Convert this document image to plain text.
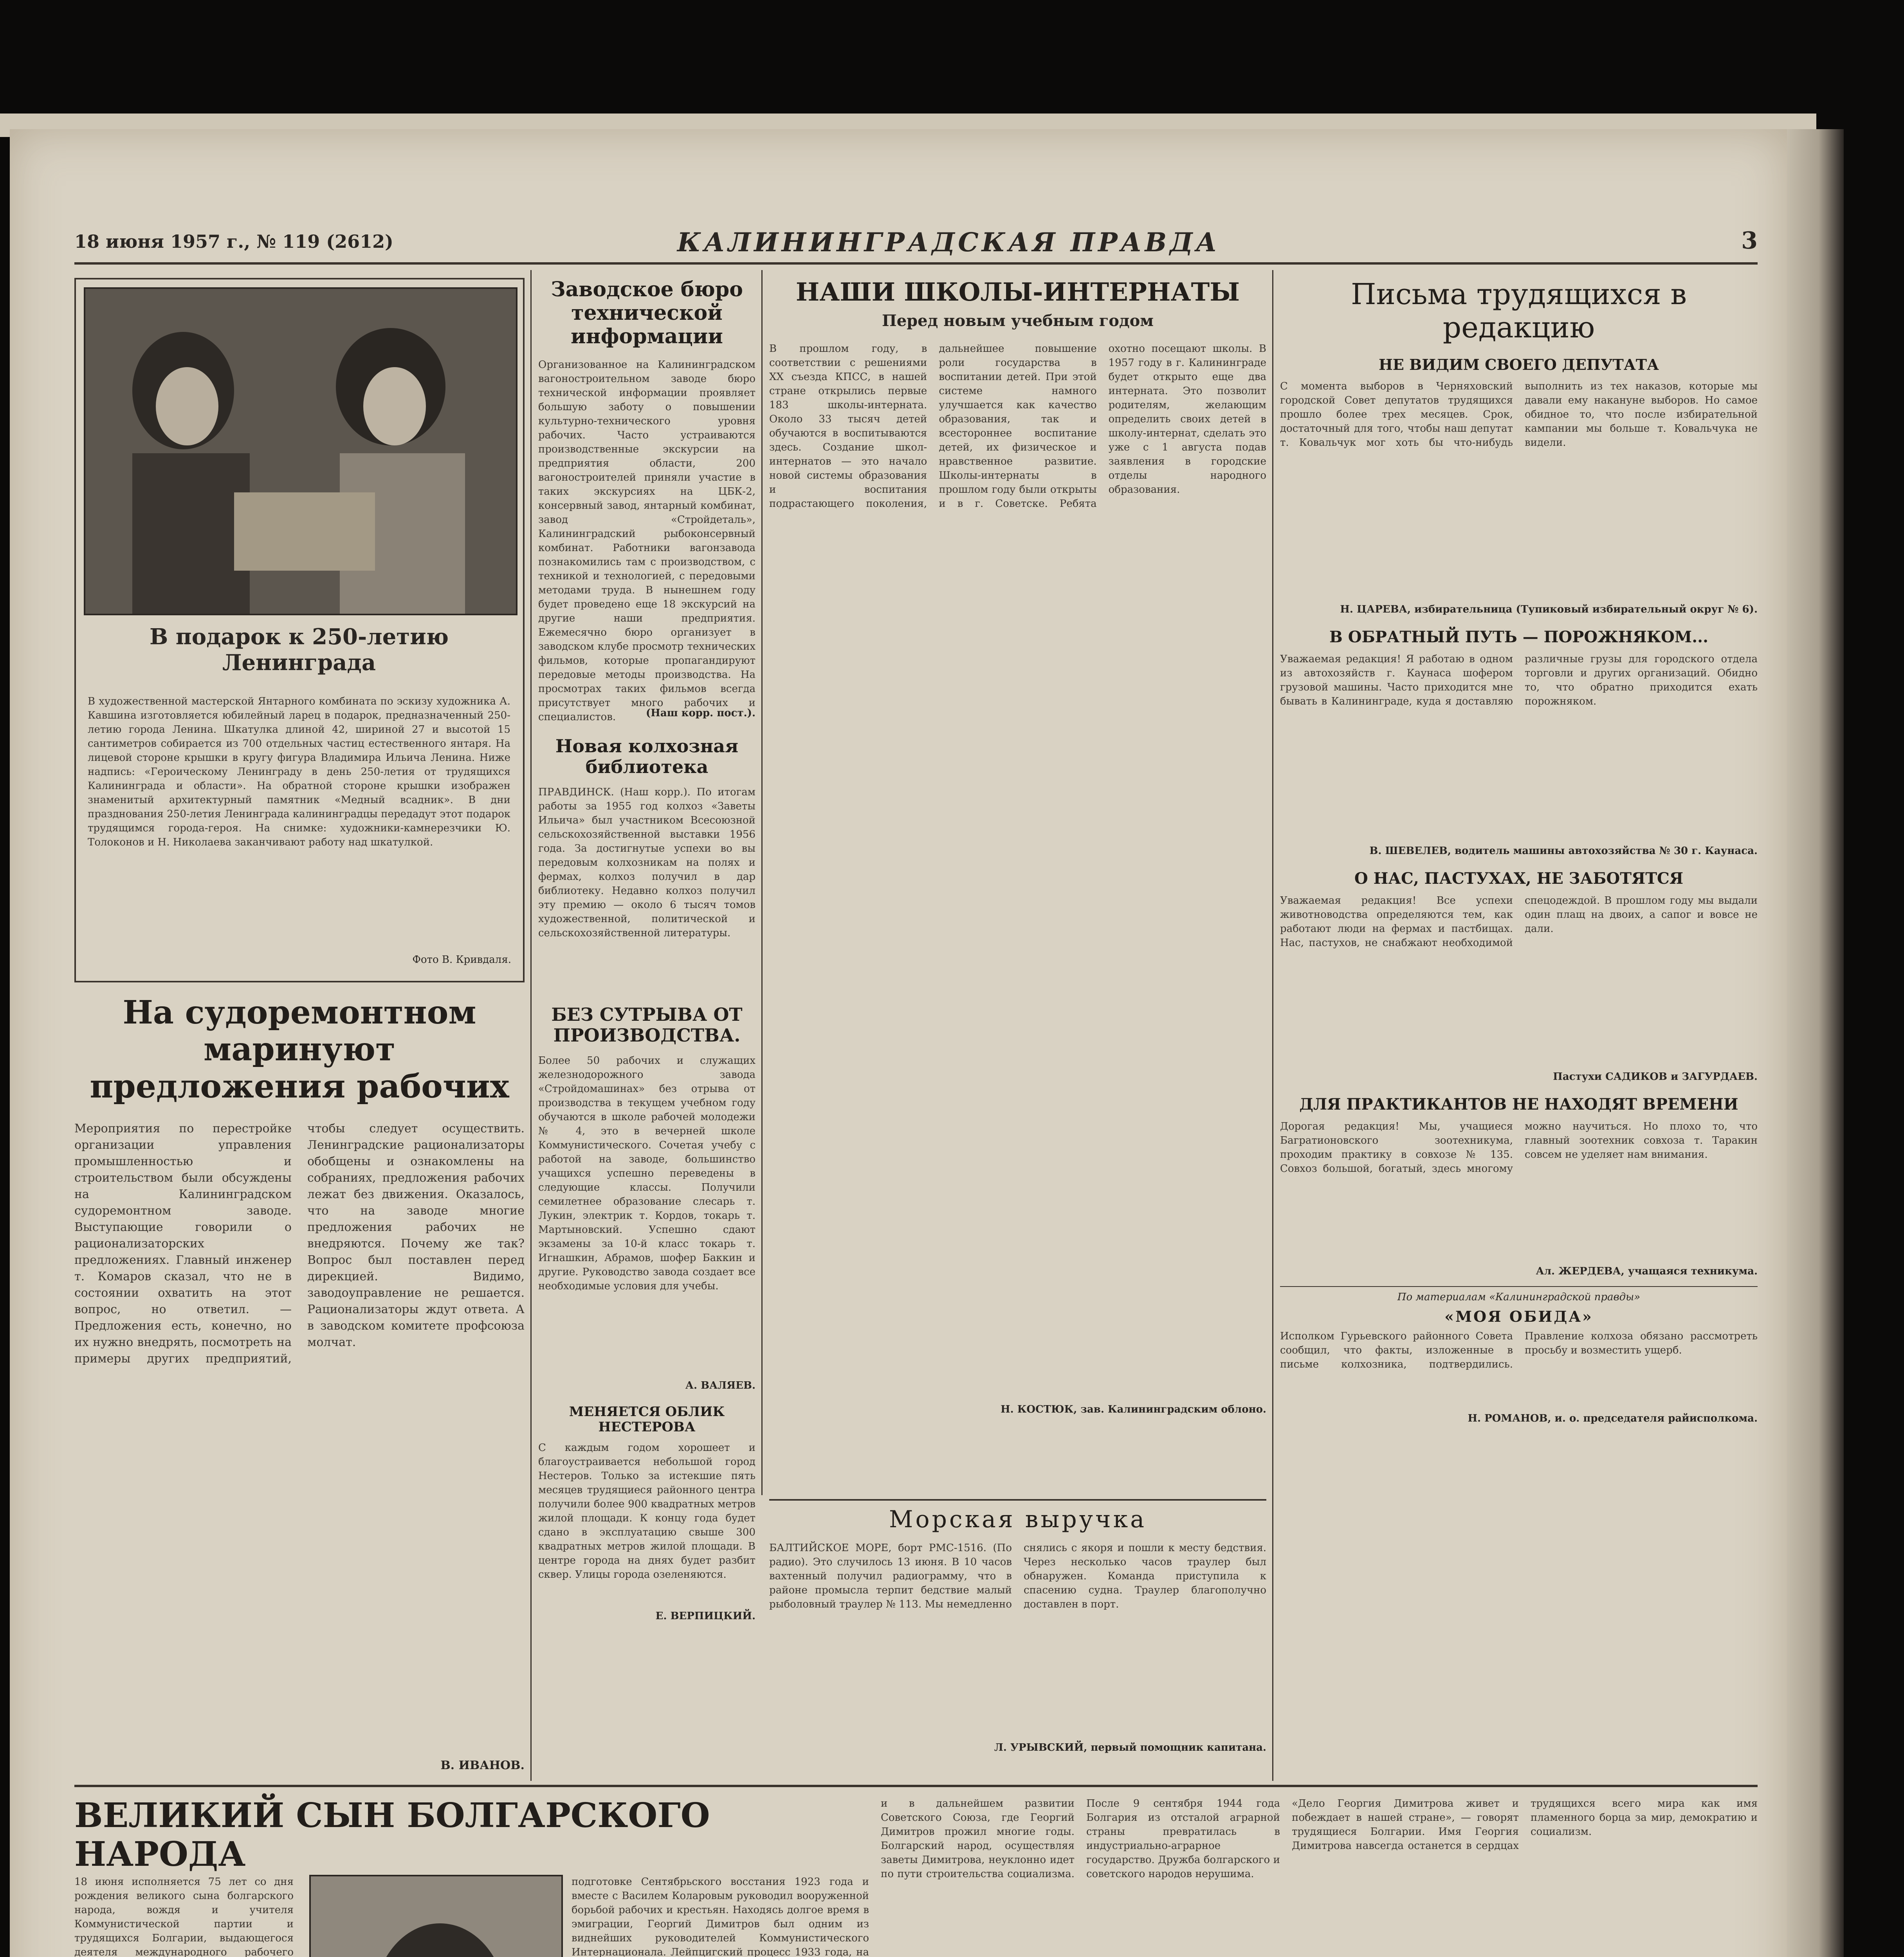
18 июня 1957 г., № 119 (2612)	КАЛИНИНГРАДСКАЯ ПРАВДА	3
В подарок к 250-летию Ленинграда
В художественной мастерской Янтарного комбината по эскизу художника А. Кавшина изготовляется юбилейный ларец в подарок, предназначенный 250-летию города Ленина. Шкатулка длиной 42, шириной 27 и высотой 15 сантиметров собирается из 700 отдельных частиц естественного янтаря. На лицевой стороне крышки в кругу фигура Владимира Ильича Ленина. Ниже надпись: «Героическому Ленинграду в день 250-летия от трудящихся Калининграда и области». На обратной стороне крышки изображен знаменитый архитектурный памятник «Медный всадник». В дни празднования 250-летия Ленинграда калининградцы передадут этот подарок трудящимся города-героя. На снимке: художники-камнерезчики Ю. Толоконов и Н. Николаева заканчивают работу над шкатулкой.
Фото В. Кривдаля.
На судоремонтном маринуют предложения рабочих
Мероприятия по перестройке организации управления промышленностью и строительством были обсуждены на Калининградском судоремонтном заводе. Выступающие говорили о рационализаторских предложениях. Главный инженер т. Комаров сказал, что не в состоянии охватить на этот вопрос, но ответил. — Предложения есть, конечно, но их нужно внедрять, посмотреть на примеры других предприятий, чтобы следует осуществить. Ленинградские рационализаторы обобщены и ознакомлены на собраниях, предложения рабочих лежат без движения. Оказалось, что на заводе многие предложения рабочих не внедряются. Почему же так? Вопрос был поставлен перед дирекцией. Видимо, заводоуправление не решается. Рационализаторы ждут ответа. А в заводском комитете профсоюза молчат.
В. ИВАНОВ.
Заводское бюро технической информации
Организованное на Калининградском вагоностроительном заводе бюро технической информации проявляет большую заботу о повышении культурно-технического уровня рабочих. Часто устраиваются производственные экскурсии на предприятия области, 200 вагоностроителей приняли участие в таких экскурсиях на ЦБК-2, консервный завод, янтарный комбинат, завод «Стройдеталь», Калининградский рыбоконсервный комбинат. Работники вагонзавода познакомились там с производством, с техникой и технологией, с передовыми методами труда. В нынешнем году будет проведено еще 18 экскурсий на другие наши предприятия. Ежемесячно бюро организует в заводском клубе просмотр технических фильмов, которые пропагандируют передовые методы производства. На просмотрах таких фильмов всегда присутствует много рабочих и специалистов.	(Наш корр. пост.).
Новая колхозная библиотека
ПРАВДИНСК. (Наш корр.). По итогам работы за 1955 год колхоз «Заветы Ильича» был участником Всесоюзной сельскохозяйственной выставки 1956 года. За достигнутые успехи во вы передовым колхозникам на полях и фермах, колхоз получил в дар библиотеку. Недавно колхоз получил эту премию — около 6 тысяч томов художественной, политической и сельскохозяйственной литературы.
БЕЗ СУТРЫВА ОТ ПРОИЗВОДСТВА.
Более 50 рабочих и служащих железнодорожного завода «Стройдомашинах» без отрыва от производства в текущем учебном году обучаются в школе рабочей молодежи № 4, это в вечерней школе Коммунистического. Сочетая учебу с работой на заводе, большинство учащихся успешно переведены в следующие классы. Получили семилетнее образование слесарь т. Лукин, электрик т. Кордов, токарь т. Мартыновский. Успешно сдают экзамены за 10-й класс токарь т. Игнашкин, Абрамов, шофер Баккин и другие. Руководство завода создает все необходимые условия для учебы.
А. ВАЛЯЕВ.
МЕНЯЕТСЯ ОБЛИК НЕСТЕРОВА
С каждым годом хорошеет и благоустраивается небольшой город Нестеров. Только за истекшие пять месяцев трудящиеся районного центра получили более 900 квадратных метров жилой площади. К концу года будет сдано в эксплуатацию свыше 300 квадратных метров жилой площади. В центре города на днях будет разбит сквер. Улицы города озеленяются.
Е. ВЕРПИЦКИЙ.
НАШИ ШКОЛЫ-ИНТЕРНАТЫ
Перед новым учебным годом
В прошлом году, в соответствии с решениями XX съезда КПСС, в нашей стране открылись первые 183 школы-интерната. Около 33 тысяч детей обучаются в воспитываются здесь. Создание школ-интернатов — это начало новой системы образования и воспитания подрастающего поколения, дальнейшее повышение роли государства в воспитании детей. При этой системе намного улучшается как качество образования, так и всестороннее воспитание детей, их физическое и нравственное развитие. Школы-интернаты в прошлом году были открыты и в г. Советске. Ребята охотно посещают школы. В 1957 году в г. Калининграде будет открыто еще два интерната. Это позволит родителям, желающим определить своих детей в школу-интернат, сделать это уже с 1 августа подав заявления в городские отделы народного образования.
Н. КОСТЮК, зав. Калининградским облоно.
Морская выручка
БАЛТИЙСКОЕ МОРЕ, борт РМС-1516. (По радио). Это случилось 13 июня. В 10 часов вахтенный получил радиограмму, что в районе промысла терпит бедствие малый рыболовный траулер № 113. Мы немедленно снялись с якоря и пошли к месту бедствия. Через несколько часов траулер был обнаружен. Команда приступила к спасению судна. Траулер благополучно доставлен в порт.
Л. УРЫВСКИЙ, первый помощник капитана.
Письма трудящихся в редакцию
НЕ ВИДИМ СВОЕГО ДЕПУТАТА
С момента выборов в Черняховский городской Совет депутатов трудящихся прошло более трех месяцев. Срок, достаточный для того, чтобы наш депутат т. Ковальчук мог хоть бы что-нибудь выполнить из тех наказов, которые мы давали ему накануне выборов. Но самое обидное то, что после избирательной кампании мы больше т. Ковальчука не видели.
Н. ЦАРЕВА, избирательница (Тупиковый избирательный округ № 6).
В ОБРАТНЫЙ ПУТЬ — ПОРОЖНЯКОМ...
Уважаемая редакция! Я работаю в одном из автохозяйств г. Каунаса шофером грузовой машины. Часто приходится мне бывать в Калининграде, куда я доставляю различные грузы для городского отдела торговли и других организаций. Обидно то, что обратно приходится ехать порожняком.
В. ШЕВЕЛЕВ, водитель машины автохозяйства № 30 г. Каунаса.
О НАС, ПАСТУХАХ, НЕ ЗАБОТЯТСЯ
Уважаемая редакция! Все успехи животноводства определяются тем, как работают люди на фермах и пастбищах. Нас, пастухов, не снабжают необходимой спецодеждой. В прошлом году мы выдали один плащ на двоих, а сапог и вовсе не дали.
Пастухи САДИКОВ и ЗАГУРДАЕВ.
ДЛЯ ПРАКТИКАНТОВ НЕ НАХОДЯТ ВРЕМЕНИ
Дорогая редакция! Мы, учащиеся Багратионовского зоотехникума, проходим практику в совхозе № 135. Совхоз большой, богатый, здесь многому можно научиться. Но плохо то, что главный зоотехник совхоза т. Таракин совсем не уделяет нам внимания.
Ал. ЖЕРДЕВА, учащаяся техникума.
По материалам «Калининградской правды»
«МОЯ ОБИДА»
Исполком Гурьевского районного Совета сообщил, что факты, изложенные в письме колхозника, подтвердились. Правление колхоза обязано рассмотреть просьбу и возместить ущерб.
Н. РОМАНОВ, и. о. председателя райисполкома.
ВЕЛИКИЙ СЫН БОЛГАРСКОГО НАРОДА
18 июня исполняется 75 лет со дня рождения великого сына болгарского народа, вождя и учителя Коммунистической партии и трудящихся Болгарии, выдающегося деятеля международного рабочего
подготовке Сентябрьского восстания 1923 года и вместе с Василем Коларовым руководил вооруженной борьбой рабочих и крестьян. Находясь долгое время в эмиграции, Георгий Димитров был одним из виднейших руководителей Коммунистического Интернационала. Лейпцигский процесс 1933 года, на
и в дальнейшем развитии Советского Союза, где Георгий Димитров прожил многие годы. Болгарский народ, осуществляя заветы Димитрова, неуклонно идет по пути строительства социализма. После 9 сентября 1944 года Болгария из отсталой аграрной страны превратилась в индустриально-аграрное государство. Дружба болгарского и советского народов нерушима.
«Дело Георгия Димитрова живет и побеждает в нашей стране», — говорят трудящиеся Болгарии. Имя Георгия Димитрова навсегда останется в сердцах трудящихся всего мира как имя пламенного борца за мир, демократию и социализм.
